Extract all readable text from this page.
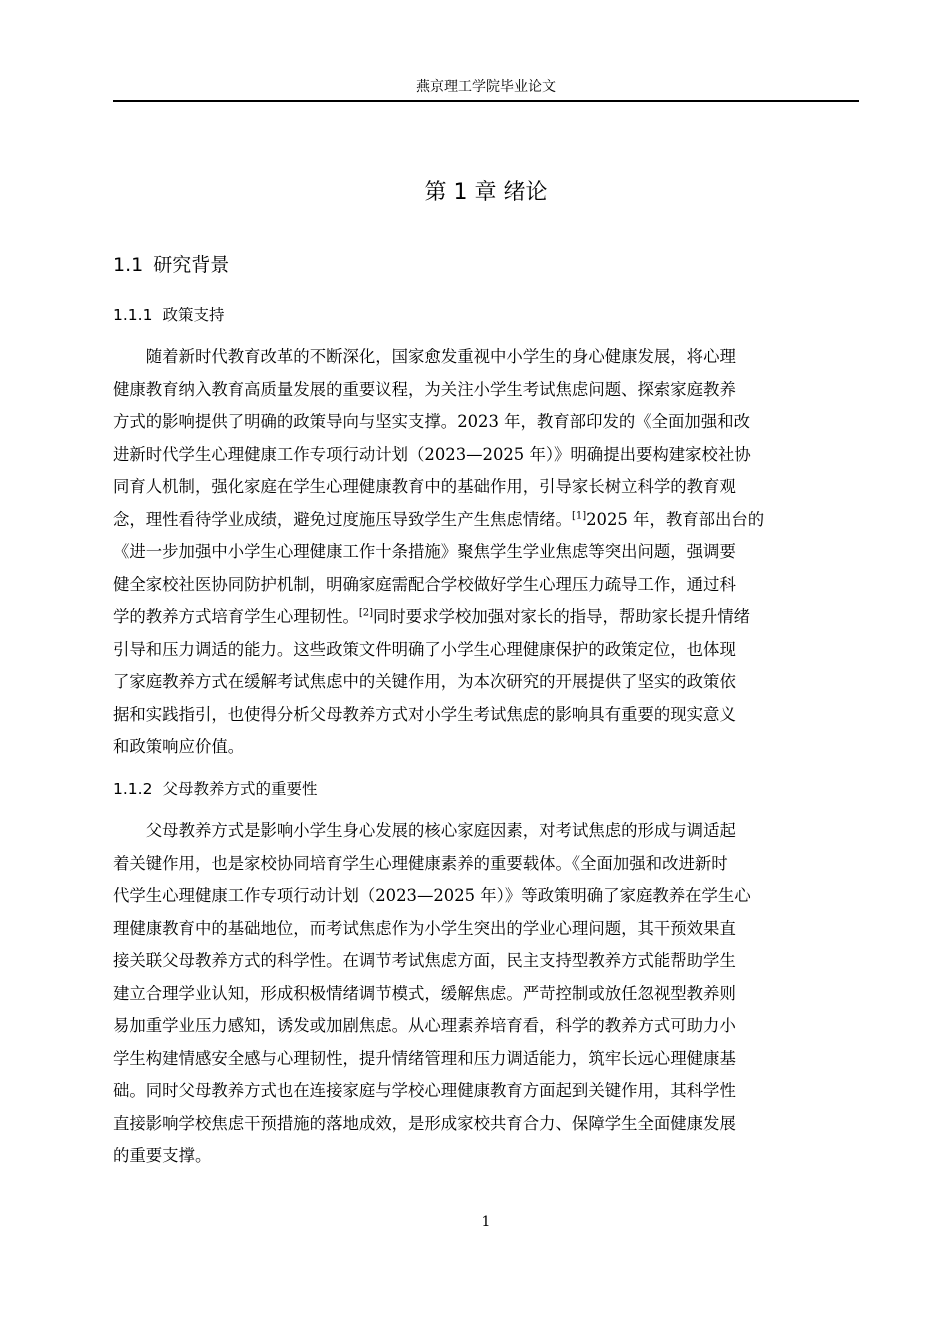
燕京理工学院毕业论文
第 1 章 绪论
1.1 研究背景
1.1.1 政策支持
随着新时代教育改革的不断深化，国家愈发重视中小学生的身心健康发展，将心理
健康教育纳入教育高质量发展的重要议程，为关注小学生考试焦虑问题、探索家庭教养
方式的影响提供了明确的政策导向与坚实支撑。2023 年，教育部印发的《全面加强和改
进新时代学生心理健康工作专项行动计划（2023—2025 年）》明确提出要构建家校社协
同育人机制，强化家庭在学生心理健康教育中的基础作用，引导家长树立科学的教育观
念，理性看待学业成绩，避免过度施压导致学生产生焦虑情绪。[1]2025 年，教育部出台的
《进一步加强中小学生心理健康工作十条措施》聚焦学生学业焦虑等突出问题，强调要
健全家校社医协同防护机制，明确家庭需配合学校做好学生心理压力疏导工作，通过科
学的教养方式培育学生心理韧性。[2]同时要求学校加强对家长的指导，帮助家长提升情绪
引导和压力调适的能力。这些政策文件明确了小学生心理健康保护的政策定位，也体现
了家庭教养方式在缓解考试焦虑中的关键作用，为本次研究的开展提供了坚实的政策依
据和实践指引，也使得分析父母教养方式对小学生考试焦虑的影响具有重要的现实意义
和政策响应价值。
1.1.2 父母教养方式的重要性
父母教养方式是影响小学生身心发展的核心家庭因素，对考试焦虑的形成与调适起
着关键作用，也是家校协同培育学生心理健康素养的重要载体。《全面加强和改进新时
代学生心理健康工作专项行动计划（2023—2025 年）》等政策明确了家庭教养在学生心
理健康教育中的基础地位，而考试焦虑作为小学生突出的学业心理问题，其干预效果直
接关联父母教养方式的科学性。在调节考试焦虑方面，民主支持型教养方式能帮助学生
建立合理学业认知，形成积极情绪调节模式，缓解焦虑。严苛控制或放任忽视型教养则
易加重学业压力感知，诱发或加剧焦虑。从心理素养培育看，科学的教养方式可助力小
学生构建情感安全感与心理韧性，提升情绪管理和压力调适能力，筑牢长远心理健康基
础。同时父母教养方式也在连接家庭与学校心理健康教育方面起到关键作用，其科学性
直接影响学校焦虑干预措施的落地成效，是形成家校共育合力、保障学生全面健康发展
的重要支撑。
1
